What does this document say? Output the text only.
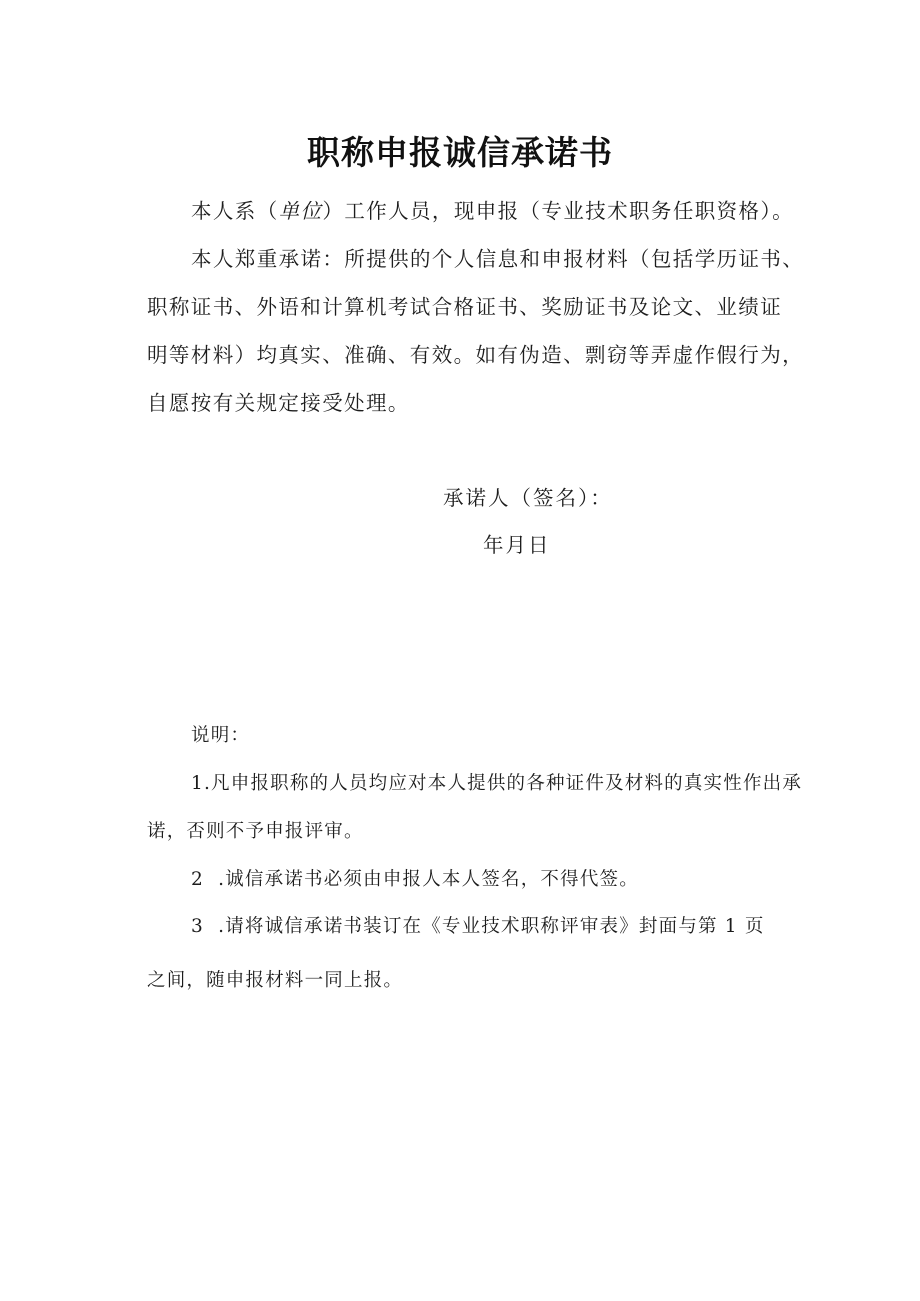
职称申报诚信承诺书

本人系（单位）工作人员，现申报（专业技术职务任职资格）。

本人郑重承诺：所提供的个人信息和申报材料（包括学历证书、

职称证书、外语和计算机考试合格证书、奖励证书及论文、业绩证

明等材料）均真实、准确、有效。如有伪造、剽窃等弄虚作假行为，

自愿按有关规定接受处理。

承诺人（签名）：

年月日

说明：

1.凡申报职称的人员均应对本人提供的各种证件及材料的真实性作出承

诺，否则不予申报评审。

2  .诚信承诺书必须由申报人本人签名，不得代签。

3  .请将诚信承诺书装订在《专业技术职称评审表》封面与第 1 页

之间，随申报材料一同上报。
